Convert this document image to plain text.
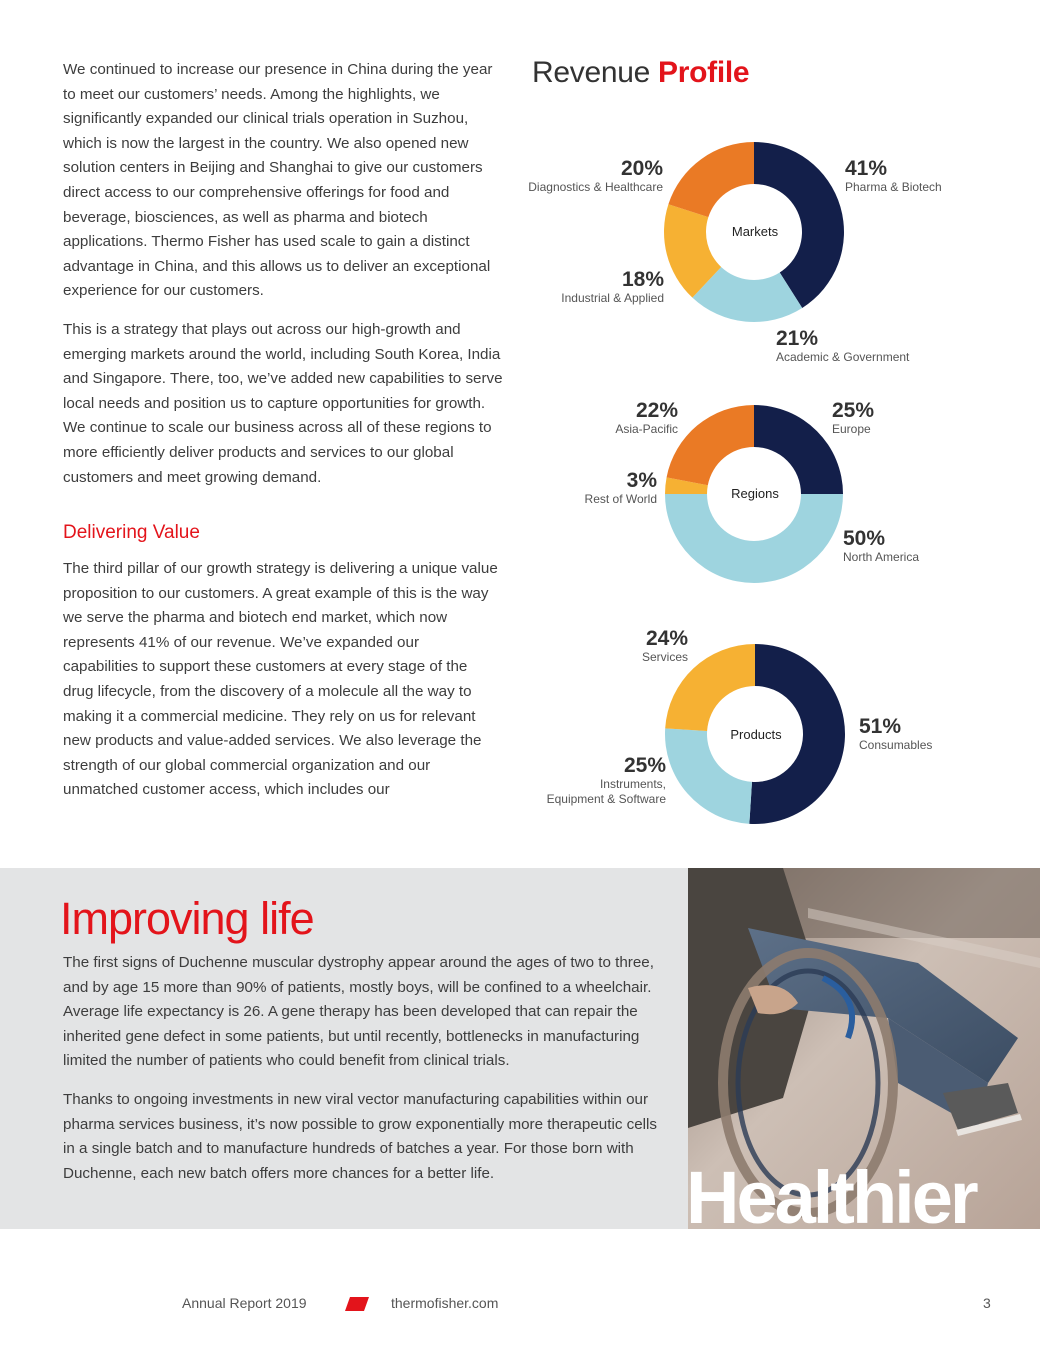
We continued to increase our presence in China during the year to meet our customers’ needs. Among the highlights, we significantly expanded our clinical trials operation in Suzhou, which is now the largest in the country. We also opened new solution centers in Beijing and Shanghai to give our customers direct access to our comprehensive offerings for food and beverage, biosciences, as well as pharma and biotech applications. Thermo Fisher has used scale to gain a distinct advantage in China, and this allows us to deliver an exceptional experience for our customers.

This is a strategy that plays out across our high-growth and emerging markets around the world, including South Korea, India and Singapore. There, too, we’ve added new capabilities to serve local needs and position us to capture opportunities for growth. We continue to scale our business across all of these regions to more efficiently deliver products and services to our global customers and meet growing demand.

Delivering Value

The third pillar of our growth strategy is delivering a unique value proposition to our customers. A great example of this is the way we serve the pharma and biotech end market, which now represents 41% of our revenue. We’ve expanded our capabilities to support these customers at every stage of the drug lifecycle, from the discovery of a molecule all the way to making it a commercial medicine. They rely on us for relevant new products and value-added services. We also leverage the strength of our global commercial organization and our unmatched customer access, which includes our

Revenue Profile
Markets
Regions
Products
20%
Diagnostics & Healthcare
41%
Pharma & Biotech
18%
Industrial & Applied
21%
Academic & Government
22%
Asia-Pacific
25%
Europe
3%
Rest of World
50%
North America
24%
Services
51%
Consumables
25%
Instruments,
Equipment & Software
Improving life

The first signs of Duchenne muscular dystrophy appear around the ages of two to three, and by age 15 more than 90% of patients, mostly boys, will be confined to a wheelchair. Average life expectancy is 26. A gene therapy has been developed that can repair the inherited gene defect in some patients, but until recently, bottlenecks in manufacturing limited the number of patients who could benefit from clinical trials.

Thanks to ongoing investments in new viral vector manufacturing capabilities within our pharma services business, it’s now possible to grow exponentially more therapeutic cells in a single batch and to manufacture hundreds of batches a year. For those born with Duchenne, each new batch offers more chances for a better life.	Healthier
Annual Report 2019	thermofisher.com	3
